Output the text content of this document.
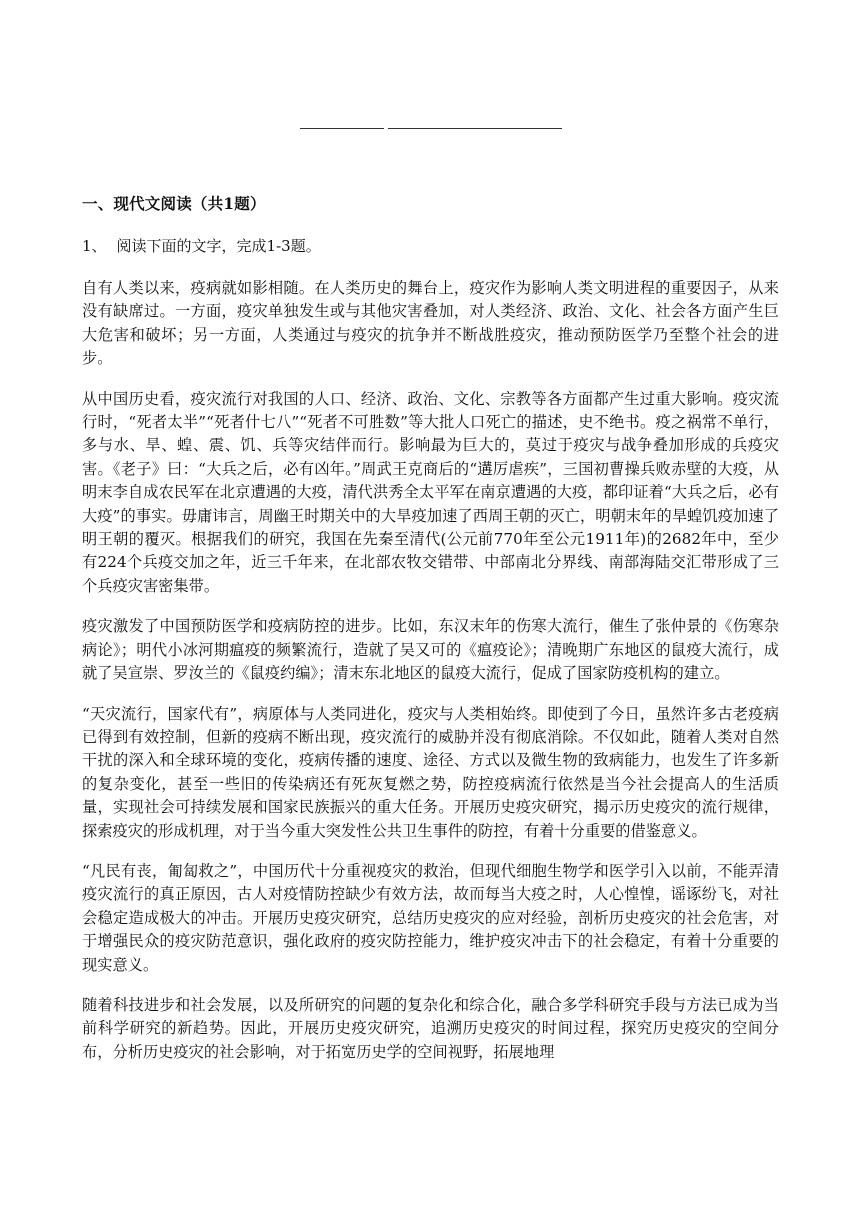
一、现代文阅读（共1题）
1、 阅读下面的文字，完成1-3题。

自有人类以来，疫病就如影相随。在人类历史的舞台上，疫灾作为影响人类文明进程的重要因子，从来没有缺席过。一方面，疫灾单独发生或与其他灾害叠加，对人类经济、政治、文化、社会各方面产生巨大危害和破坏；另一方面，人类通过与疫灾的抗争并不断战胜疫灾，推动预防医学乃至整个社会的进步。

从中国历史看，疫灾流行对我国的人口、经济、政治、文化、宗教等各方面都产生过重大影响。疫灾流行时，“死者太半”“死者什七八”“死者不可胜数”等大批人口死亡的描述，史不绝书。疫之祸常不单行，多与水、旱、蝗、震、饥、兵等灾结伴而行。影响最为巨大的，莫过于疫灾与战争叠加形成的兵疫灾害。《老子》曰：“大兵之后，必有凶年。”周武王克商后的“遘厉虐疾”，三国初曹操兵败赤壁的大疫，从明末李自成农民军在北京遭遇的大疫，清代洪秀全太平军在南京遭遇的大疫，都印证着“大兵之后，必有大疫”的事实。毋庸讳言，周幽王时期关中的大旱疫加速了西周王朝的灭亡，明朝末年的旱蝗饥疫加速了明王朝的覆灭。根据我们的研究，我国在先秦至清代(公元前770年至公元1911年)的2682年中，至少有224个兵疫交加之年，近三千年来，在北部农牧交错带、中部南北分界线、南部海陆交汇带形成了三个兵疫灾害密集带。

疫灾激发了中国预防医学和疫病防控的进步。比如，东汉末年的伤寒大流行，催生了张仲景的《伤寒杂病论》；明代小冰河期瘟疫的频繁流行，造就了吴又可的《瘟疫论》；清晚期广东地区的鼠疫大流行，成就了吴宣崇、罗汝兰的《鼠疫约编》；清末东北地区的鼠疫大流行，促成了国家防疫机构的建立。

“天灾流行，国家代有”，病原体与人类同进化，疫灾与人类相始终。即使到了今日，虽然许多古老疫病已得到有效控制，但新的疫病不断出现，疫灾流行的威胁并没有彻底消除。不仅如此，随着人类对自然干扰的深入和全球环境的变化，疫病传播的速度、途径、方式以及微生物的致病能力，也发生了许多新的复杂变化，甚至一些旧的传染病还有死灰复燃之势，防控疫病流行依然是当今社会提高人的生活质量，实现社会可持续发展和国家民族振兴的重大任务。开展历史疫灾研究，揭示历史疫灾的流行规律，探索疫灾的形成机理，对于当今重大突发性公共卫生事件的防控，有着十分重要的借鉴意义。

“凡民有丧，匍匐救之”，中国历代十分重视疫灾的救治，但现代细胞生物学和医学引入以前，不能弄清疫灾流行的真正原因，古人对疫情防控缺少有效方法，故而每当大疫之时，人心惶惶，谣诼纷飞，对社会稳定造成极大的冲击。开展历史疫灾研究，总结历史疫灾的应对经验，剖析历史疫灾的社会危害，对于增强民众的疫灾防范意识，强化政府的疫灾防控能力，维护疫灾冲击下的社会稳定，有着十分重要的现实意义。

随着科技进步和社会发展，以及所研究的问题的复杂化和综合化，融合多学科研究手段与方法已成为当前科学研究的新趋势。因此，开展历史疫灾研究，追溯历史疫灾的时间过程，探究历史疫灾的空间分布，分析历史疫灾的社会影响，对于拓宽历史学的空间视野，拓展地理
